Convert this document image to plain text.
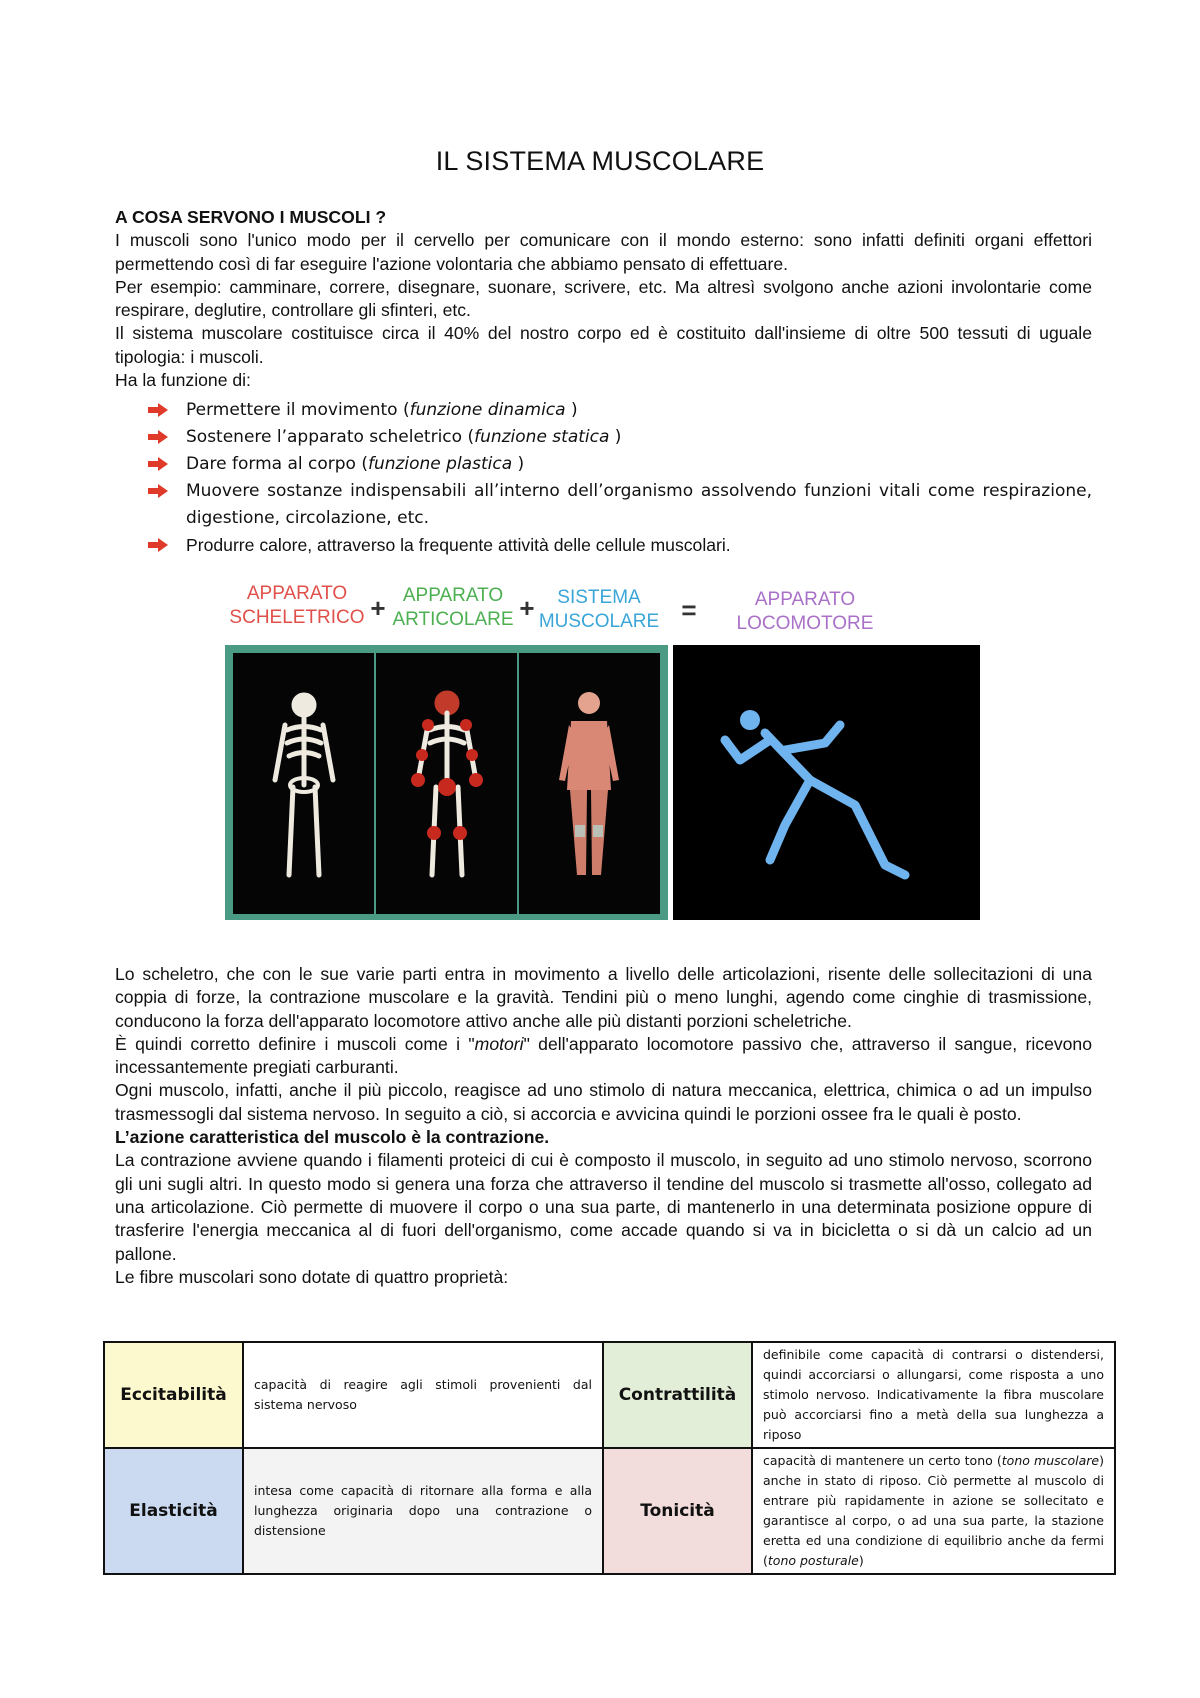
IL SISTEMA MUSCOLARE

A COSA SERVONO I MUSCOLI ?

I muscoli sono l'unico modo per il cervello per comunicare con il mondo esterno: sono infatti definiti organi effettori permettendo così di far eseguire l'azione volontaria che abbiamo pensato di effettuare.

Per esempio: camminare, correre, disegnare, suonare, scrivere, etc. Ma altresì svolgono anche azioni involontarie come respirare, deglutire, controllare gli sfinteri, etc.

Il sistema muscolare costituisce circa il 40% del nostro corpo ed è costituito dall'insieme di oltre 500 tessuti di uguale tipologia: i muscoli.

Ha la funzione di:

Permettere il movimento (funzione dinamica )
Sostenere l’apparato scheletrico (funzione statica )
Dare forma al corpo (funzione plastica )
Muovere sostanze indispensabili all’interno dell’organismo assolvendo funzioni vitali come respirazione, digestione, circolazione, etc.
Produrre calore, attraverso la frequente attività delle cellule muscolari.
APPARATO
SCHELETRICO + APPARATO
ARTICOLARE + SISTEMA
MUSCOLARE =	APPARATO
LOCOMOTORE

Lo scheletro, che con le sue varie parti entra in movimento a livello delle articolazioni, risente delle sollecitazioni di una coppia di forze, la contrazione muscolare e la gravità. Tendini più o meno lunghi, agendo come cinghie di trasmissione, conducono la forza dell'apparato locomotore attivo anche alle più distanti porzioni scheletriche.

È quindi corretto definire i muscoli come i "motori" dell'apparato locomotore passivo che, attraverso il sangue, ricevono incessantemente pregiati carburanti.

Ogni muscolo, infatti, anche il più piccolo, reagisce ad uno stimolo di natura meccanica, elettrica, chimica o ad un impulso trasmessogli dal sistema nervoso. In seguito a ciò, si accorcia e avvicina quindi le porzioni ossee fra le quali è posto.

L’azione caratteristica del muscolo è la contrazione.

La contrazione avviene quando i filamenti proteici di cui è composto il muscolo, in seguito ad uno stimolo nervoso, scorrono gli uni sugli altri. In questo modo si genera una forza che attraverso il tendine del muscolo si trasmette all'osso, collegato ad una articolazione. Ciò permette di muovere il corpo o una sua parte, di mantenerlo in una determinata posizione oppure di trasferire l'energia meccanica al di fuori dell'organismo, come accade quando si va in bicicletta o si dà un calcio ad un pallone.

Le fibre muscolari sono dotate di quattro proprietà:

Eccitabilità	capacità di reagire agli stimoli provenienti dal sistema nervoso	Contrattilità	definibile come capacità di contrarsi o distendersi, quindi accorciarsi o allungarsi, come risposta a uno stimolo nervoso. Indicativamente la fibra muscolare può accorciarsi fino a metà della sua lunghezza a riposo
Elasticità	intesa come capacità di ritornare alla forma e alla lunghezza originaria dopo una contrazione o distensione	Tonicità	capacità di mantenere un certo tono (tono muscolare) anche in stato di riposo. Ciò permette al muscolo di entrare più rapidamente in azione se sollecitato e garantisce al corpo, o ad una sua parte, la stazione eretta ed una condizione di equilibrio anche da fermi (tono posturale)
